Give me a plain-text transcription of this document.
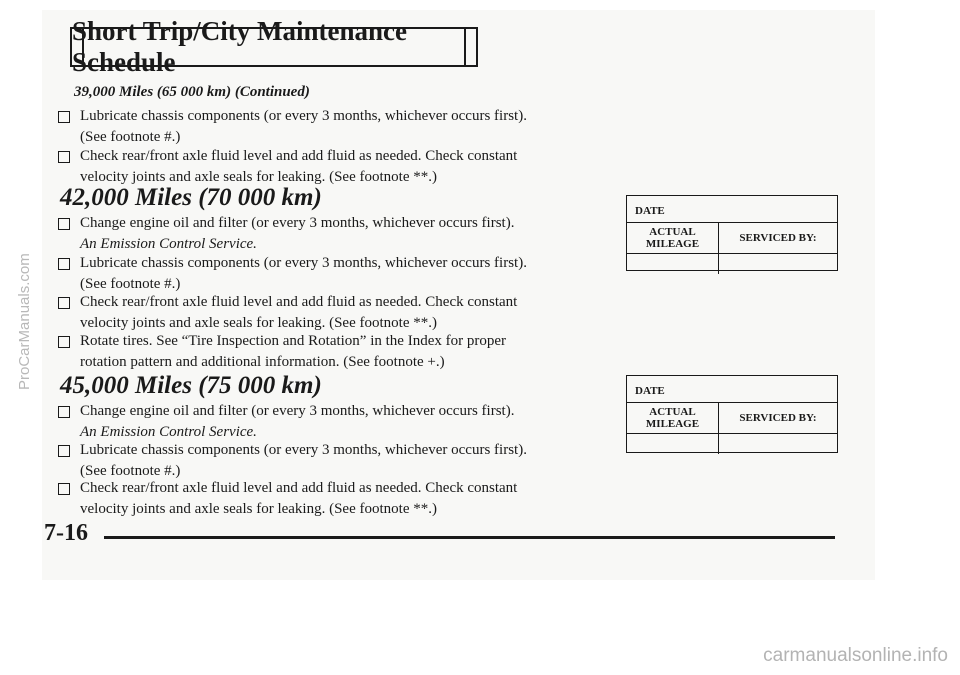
Short Trip/City Maintenance Schedule
39,000 Miles (65 000 km) (Continued)
Lubricate chassis components (or every 3 months, whichever occurs first).
(See footnote #.)
Check rear/front axle fluid level and add fluid as needed. Check constant
velocity joints and axle seals for leaking. (See footnote **.)
42,000 Miles (70 000 km)
Change engine oil and filter (or every 3 months, whichever occurs first).
An Emission Control Service.
Lubricate chassis components (or every 3 months, whichever occurs first).
(See footnote #.)
Check rear/front axle fluid level and add fluid as needed. Check constant
velocity joints and axle seals for leaking. (See footnote **.)
Rotate tires. See “Tire Inspection and Rotation” in the Index for proper
rotation pattern and additional information. (See footnote +.)
DATE
ACTUAL
MILEAGE	SERVICED BY:
45,000 Miles (75 000 km)
Change engine oil and filter (or every 3 months, whichever occurs first).
An Emission Control Service.
Lubricate chassis components (or every 3 months, whichever occurs first).
(See footnote #.)
Check rear/front axle fluid level and add fluid as needed. Check constant
velocity joints and axle seals for leaking. (See footnote **.)
DATE
ACTUAL
MILEAGE	SERVICED BY:
7-16
ProCarManuals.com
carmanualsonline.info
